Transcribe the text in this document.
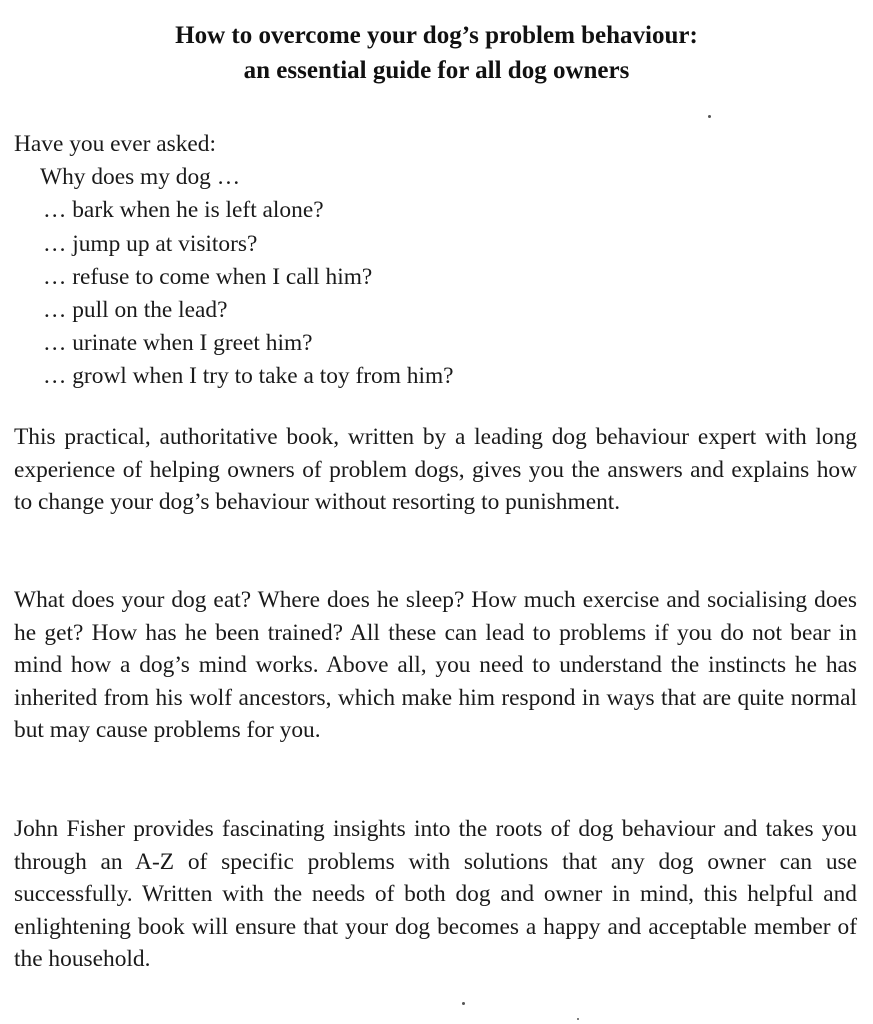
How to overcome your dog’s problem behaviour:
an essential guide for all dog owners
Have you ever asked:
Why does my dog …
… bark when he is left alone?
… jump up at visitors?
… refuse to come when I call him?
… pull on the lead?
… urinate when I greet him?
… growl when I try to take a toy from him?
This practical, authoritative book, written by a leading dog behaviour expert with long experience of helping owners of problem dogs, gives you the answers and explains how to change your dog’s behaviour without resorting to punishment.
What does your dog eat? Where does he sleep? How much exercise and socialising does he get? How has he been trained? All these can lead to problems if you do not bear in mind how a dog’s mind works. Above all, you need to understand the instincts he has inherited from his wolf ancestors, which make him respond in ways that are quite normal but may cause problems for you.
John Fisher provides fascinating insights into the roots of dog behaviour and takes you through an A-Z of specific problems with solutions that any dog owner can use successfully. Written with the needs of both dog and owner in mind, this helpful and enlightening book will ensure that your dog becomes a happy and acceptable member of the household.
